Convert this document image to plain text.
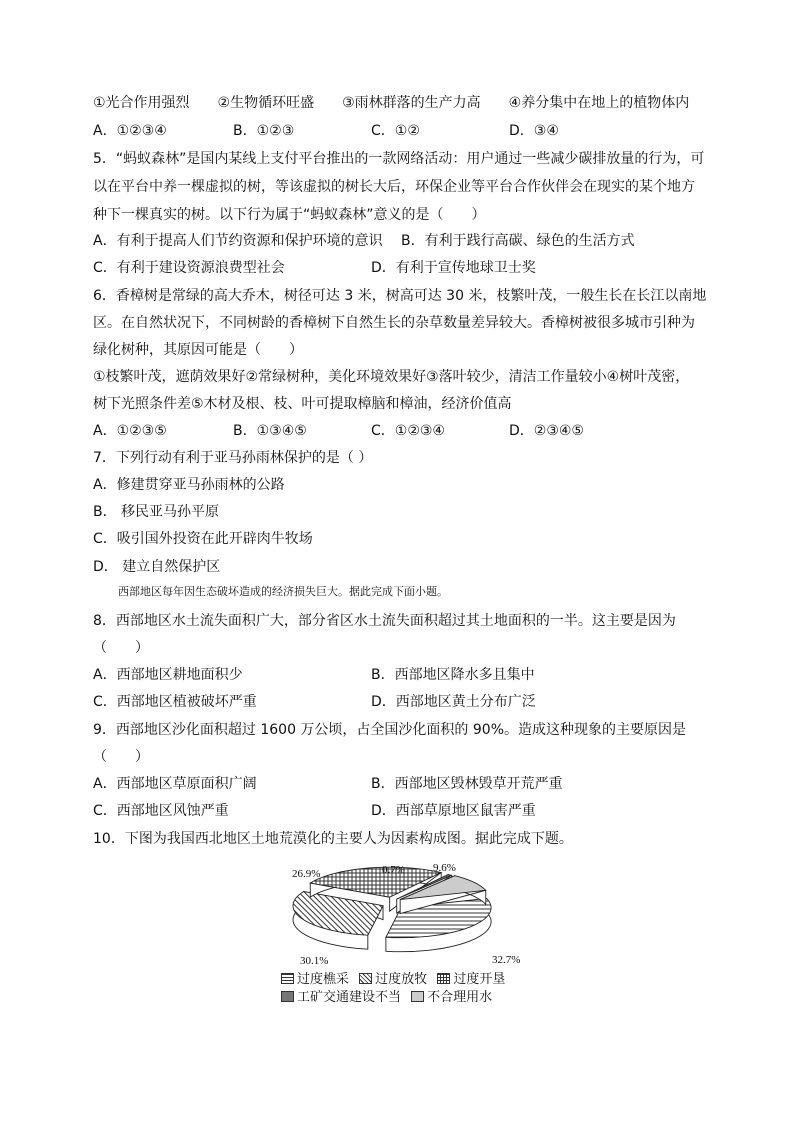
①光合作用强烈　　②生物循环旺盛　　③雨林群落的生产力高　　④养分集中在地上的植物体内
A．①②③④	B．①②③	C．①②	D．③④
5．“蚂蚁森林”是国内某线上支付平台推出的一款网络活动：用户通过一些减少碳排放量的行为，可
以在平台中养一棵虚拟的树，等该虚拟的树长大后，环保企业等平台合作伙伴会在现实的某个地方
种下一棵真实的树。以下行为属于“蚂蚁森林”意义的是（　　）
A．有利于提高人们节约资源和保护环境的意识　 B．有利于践行高碳、绿色的生活方式
C．有利于建设资源浪费型社会	D．有利于宣传地球卫士奖
6．香樟树是常绿的高大乔木，树径可达 3 米，树高可达 30 米，枝繁叶茂，一般生长在长江以南地
区。在自然状况下，不同树龄的香樟树下自然生长的杂草数量差异较大。香樟树被很多城市引种为
绿化树种，其原因可能是（　　）
①枝繁叶茂，遮荫效果好②常绿树种，美化环境效果好③落叶较少，清洁工作量较小④树叶茂密，
树下光照条件差⑤木材及根、枝、叶可提取樟脑和樟油，经济价值高
A．①②③⑤	B．①③④⑤	C．①②③④	D．②③④⑤
7．下列行动有利于亚马孙雨林保护的是（ ）
A．修建贯穿亚马孙雨林的公路
B． 移民亚马孙平原
C．吸引国外投资在此开辟肉牛牧场
D． 建立自然保护区
西部地区每年因生态破坏造成的经济损失巨大。据此完成下面小题。
8．西部地区水土流失面积广大，部分省区水土流失面积超过其土地面积的一半。这主要是因为
（　　）
A．西部地区耕地面积少	B．西部地区降水多且集中
C．西部地区植被破坏严重	D．西部地区黄土分布广泛
9．西部地区沙化面积超过 1600 万公顷，占全国沙化面积的 90%。造成这种现象的主要原因是
（　　）
A．西部地区草原面积广阔	B．西部地区毁林毁草开荒严重
C．西部地区风蚀严重	D．西部草原地区鼠害严重
10．下图为我国西北地区土地荒漠化的主要人为因素构成图。据此完成下题。
32.7%
30.1%
26.9%	0.7%	9.6%
过度樵采 过度放牧 过度开垦
工矿交通建设不当 不合理用水
